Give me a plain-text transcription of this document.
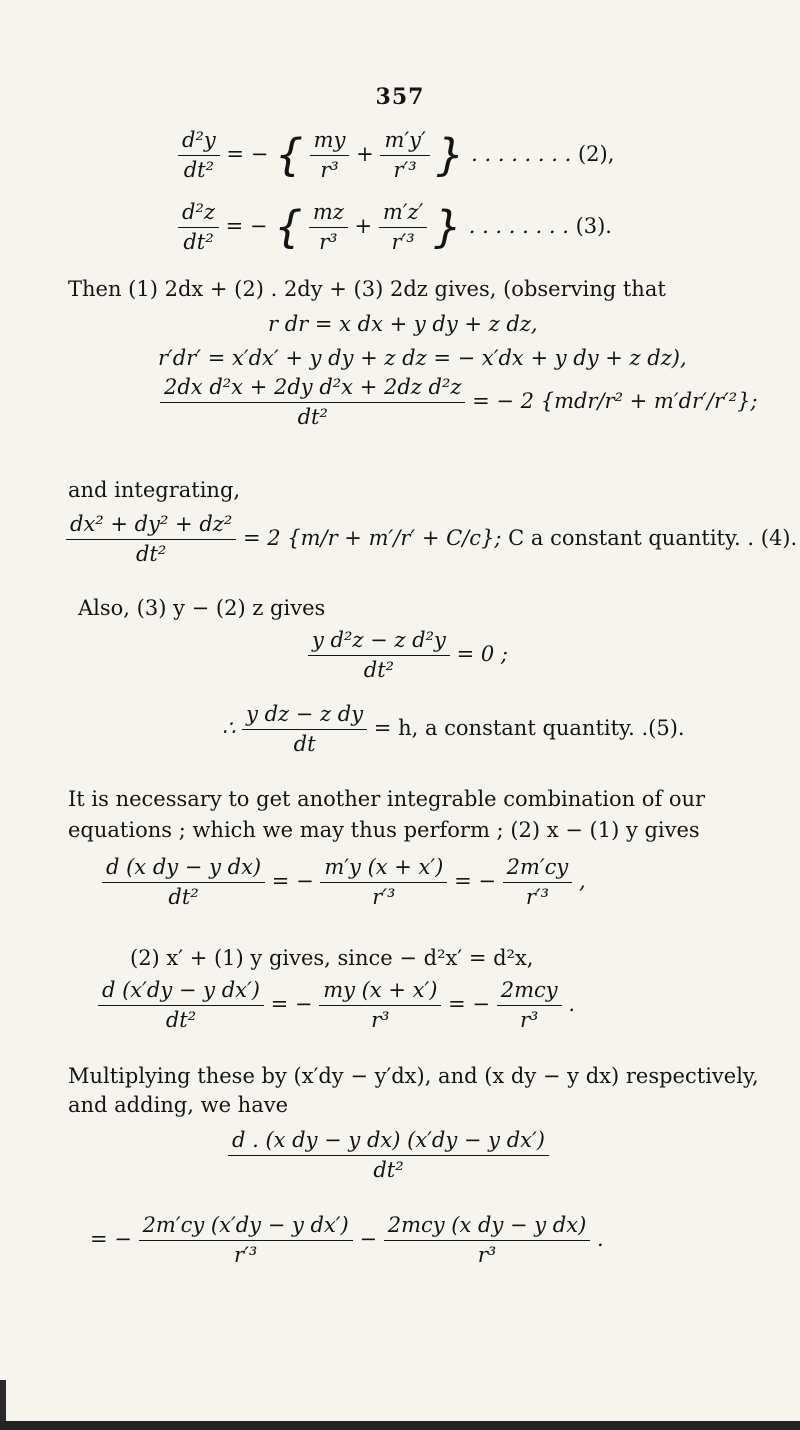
357
$\frac{\text{d²y}}{\text{dt²}}$ = − { $\frac{my}{\text{r³}} + \frac{m'y'}{\text{r′³}}$ } . . . . . . . . (2),
$\frac{\text{d²z}}{\text{dt²}}$ = − { $\frac{mz}{\text{r³}} + \frac{m'z'}{\text{r′³}}$ } . . . . . . . . (3).
Then (1) 2dx + (2) . 2dy + (3) 2dz gives, (observing that
r dr = x dx + y dy + z dz,
r′dr′ = x′dx′ + y dy + z dz = − x′dx + y dy + z dz),
$\frac{\text{2dx d²x + 2dy d²x + 2dz d²z}}{\text{dt²}}$ = − 2 {mdr/r² + m′dr′/r′²};
and integrating,
$\frac{\text{dx² + dy² + dz²}}{\text{dt²}} = 2$ {m/r + m′/r′ + C/c}; C a constant quantity. . (4).
Also, (3) y − (2) z gives
$\frac{\text{y d²z − z d²y}}{\text{dt²}} = 0$ ;
∴ $\frac{\text{y dz − z dy}}{dt} = h$, a constant quantity. .(5).
It is necessary to get another integrable combination of our
equations ; which we may thus perform ; (2) x − (1) y gives
$\frac{\text{d (x dy − y dx)}}{\text{dt²}}$ = − $\frac{m'y (x + x')}{\text{r′³}}$ = − $\frac{2m'cy}{\text{r′³}}$ ,
(2) x′ + (1) y gives, since − d²x′ = d²x,
$\frac{\text{d (x′dy − y dx′)}}{\text{dt²}}$ = − $\frac{my (x + x')}{\text{r³}}$ = − $\frac{\text{2mcy}}{\text{r³}}$ .
Multiplying these by (x′dy − y′dx), and (x dy − y dx) respectively,
and adding, we have
$\frac{\text{d . (x dy − y dx) (x′dy − y dx′)}}{\text{dt²}}$
= − $\frac{\text{2m′cy (x′dy − y dx′)}}{\text{r′³}} - \frac{\text{2mcy (x dy − y dx)}}{\text{r³}}$ .
